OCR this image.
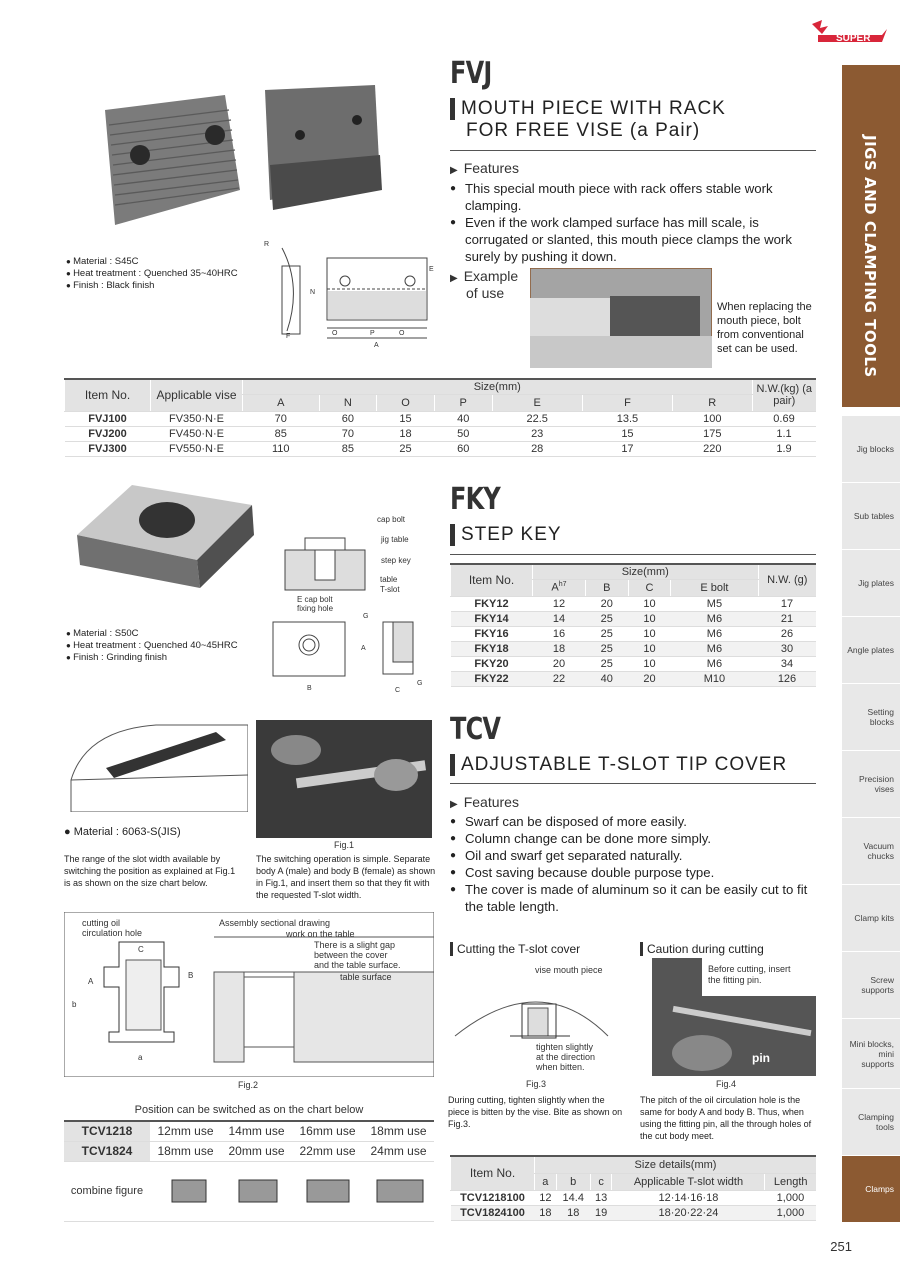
SUPER
JIGS AND CLAMPING TOOLS
Jig blocks
Sub tables
Jig plates
Angle plates
Setting blocks
Precision vises
Vacuum chucks
Clamp kits
Screw supports
Mini blocks, mini supports
Clamping tools
Clamps
FVJ
MOUTH PIECE WITH RACK
FOR FREE VISE (a Pair)
▶ Features
● This special mouth piece with rack offers stable work clamping.
● Even if the work clamped surface has mill scale, is corrugated or slanted, this mouth piece clamps the work surely by pushing it down.
▶ Example
of use
When replacing the mouth piece, bolt from conventional set can be used.
● Material : S45C
● Heat treatment : Quenched 35~40HRC
● Finish : Black finish
R
E
N
F	O	P	O
A
Item No.	Applicable vise	Size(mm)							N.W.(kg) (a pair)
		A	N	O	P	E	F	R	
FVJ100	FV350·N·E	70	60	15	40	22.5	13.5	100	0.69
FVJ200	FV450·N·E	85	70	18	50	23	15	175	1.1
FVJ300	FV550·N·E	110	85	25	60	28	17	220	1.9
FKY
STEP KEY
● Material : S50C
● Heat treatment : Quenched 40~45HRC
● Finish : Grinding finish
cap bolt
jig table
step key
table
T-slot
E cap bolt
fixing hole
G
A
B	C
G
Item No.	Size(mm)				N.W. (g)
	$A^{h7}$	B	C	E bolt	
FKY12	12	20	10	M5	17
FKY14	14	25	10	M6	21
FKY16	16	25	10	M6	26
FKY18	18	25	10	M6	30
FKY20	20	25	10	M6	34
FKY22	22	40	20	M10	126
TCV
ADJUSTABLE T-SLOT TIP COVER
▶ Features
● Swarf can be disposed of more easily.
● Column change can be done more simply.
● Oil and swarf get separated naturally.
● Cost saving because double purpose type.
● The cover is made of aluminum so it can be easily cut to fit the table length.
● Material : 6063-S(JIS)
The range of the slot width available by switching the position as explained at Fig.1 is as shown on the size chart below.
Fig.1
The switching operation is simple. Separate body A (male) and body B (female) as shown in Fig.1, and insert them so that they fit with the requested T-slot width.
cutting oil
circulation hole
Assembly sectional drawing
work on the table
There is a slight gap
between the cover
and the table surface.
table surface
C
A
B
b
a
Fig.2
Position can be switched as on the chart below
TCV1218	12mm use	14mm use	16mm use	18mm use
TCV1824	18mm use	20mm use	22mm use	24mm use
combine figure	
Cutting the T-slot cover
vise mouth piece
tighten slightly
at the direction
when bitten.
Fig.3
During cutting, tighten slightly when the piece is bitten by the vise. Bite as shown on Fig.3.
Caution during cutting
Before cutting, insert
the fitting pin.
pin
Fig.4
The pitch of the oil circulation hole is the same for body A and body B. Thus, when using the fitting pin, all the through holes of the cut body meet.
Item No.	Size details(mm)				
	a	b	c	Applicable T-slot width	Length
TCV1218100	12	14.4	13	12·14·16·18	1,000
TCV1824100	18	18	19	18·20·22·24	1,000
251
